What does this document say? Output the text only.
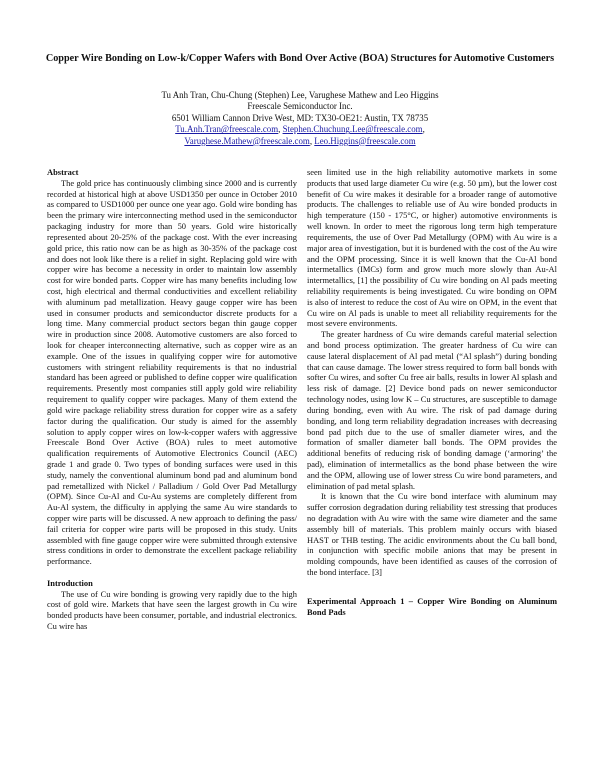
Copper Wire Bonding on Low-k/Copper Wafers with Bond Over Active (BOA) Structures for Automotive Customers
Tu Anh Tran, Chu-Chung (Stephen) Lee, Varughese Mathew and Leo Higgins
Freescale Semiconductor Inc.
6501 William Cannon Drive West, MD: TX30-OE21: Austin, TX 78735
Tu.Anh.Tran@freescale.com, Stephen.Chuchung.Lee@freescale.com,
Varughese.Mathew@freescale.com, Leo.Higgins@freescale.com
Abstract

The gold price has continuously climbing since 2000 and is currently recorded at historical high at above USD1350 per ounce in October 2010 as compared to USD1000 per ounce one year ago. Gold wire bonding has been the primary wire interconnecting method used in the semiconductor packaging industry for more than 50 years. Gold wire historically represented about 20-25% of the package cost. With the ever increasing gold price, this ratio now can be as high as 30-35% of the package cost and does not look like there is a relief in sight. Replacing gold wire with copper wire has become a necessity in order to maintain low assembly cost for wire bonded parts. Copper wire has many benefits including low cost, high electrical and thermal conductivities and excellent reliability with aluminum pad metallization. Heavy gauge copper wire has been used in consumer products and semiconductor discrete products for a long time. Many commercial product sectors began thin gauge copper wire in production since 2008. Automotive customers are also forced to look for cheaper interconnecting alternative, such as copper wire as an example. One of the issues in qualifying copper wire for automotive customers with stringent reliability requirements is that no industrial standard has been agreed or published to define copper wire qualification requirements. Presently most companies still apply gold wire reliability requirement to qualify copper wire packages. Many of them extend the gold wire package reliability stress duration for copper wire as a safety factor during the qualification. Our study is aimed for the assembly solution to apply copper wires on low-k-copper wafers with aggressive Freescale Bond Over Active (BOA) rules to meet automotive qualification requirements of Automotive Electronics Council (AEC) grade 1 and grade 0. Two types of bonding surfaces were used in this study, namely the conventional aluminum bond pad and aluminum bond pad remetallized with Nickel / Palladium / Gold Over Pad Metallurgy (OPM). Since Cu-Al and Cu-Au systems are completely different from Au-Al system, the difficulty in applying the same Au wire standards to copper wire parts will be discussed. A new approach to defining the pass/ fail criteria for copper wire parts will be proposed in this study. Units assembled with fine gauge copper wire were submitted through extensive stress conditions in order to demonstrate the excellent package reliability performance.

Introduction

The use of Cu wire bonding is growing very rapidly due to the high cost of gold wire. Markets that have seen the largest growth in Cu wire bonded products have been consumer, portable, and industrial electronics. Cu wire has

seen limited use in the high reliability automotive markets in some products that used large diameter Cu wire (e.g. 50 µm), but the lower cost benefit of Cu wire makes it desirable for a broader range of automotive products. The challenges to reliable use of Au wire bonded products in high temperature (150 - 175°C, or higher) automotive environments is well known. In order to meet the rigorous long term high temperature requirements, the use of Over Pad Metallurgy (OPM) with Au wire is a major area of investigation, but it is burdened with the cost of the Au wire and the OPM processing. Since it is well known that the Cu-Al bond intermetallics (IMCs) form and grow much more slowly than Au-Al intermetallics, [1] the possibility of Cu wire bonding on Al pads meeting reliability requirements is being investigated. Cu wire bonding on OPM is also of interest to reduce the cost of Au wire on OPM, in the event that Cu wire on Al pads is unable to meet all reliability requirements for the most severe environments.

The greater hardness of Cu wire demands careful material selection and bond process optimization. The greater hardness of Cu wire can cause lateral displacement of Al pad metal (“Al splash”) during bonding that can cause damage. The lower stress required to form ball bonds with softer Cu wires, and softer Cu free air balls, results in lower Al splash and less risk of damage. [2] Device bond pads on newer semiconductor technology nodes, using low K – Cu structures, are susceptible to damage during bonding, even with Au wire. The risk of pad damage during bonding, and long term reliability degradation increases with decreasing bond pad pitch due to the use of smaller diameter wires, and the formation of smaller diameter ball bonds. The OPM provides the additional benefits of reducing risk of bonding damage (‘armoring’ the pad), elimination of intermetallics as the bond phase between the wire and the OPM, allowing use of lower stress Cu wire bond parameters, and elimination of pad metal splash.

It is known that the Cu wire bond interface with aluminum may suffer corrosion degradation during reliability test stressing that produces no degradation with Au wire with the same wire diameter and the same assembly bill of materials. This problem mainly occurs with biased HAST or THB testing. The acidic environments about the Cu ball bond, in conjunction with specific mobile anions that may be present in molding compounds, have been identified as causes of the corrosion of the bond interface. [3]

Experimental Approach 1 – Copper Wire Bonding on Aluminum Bond Pads
